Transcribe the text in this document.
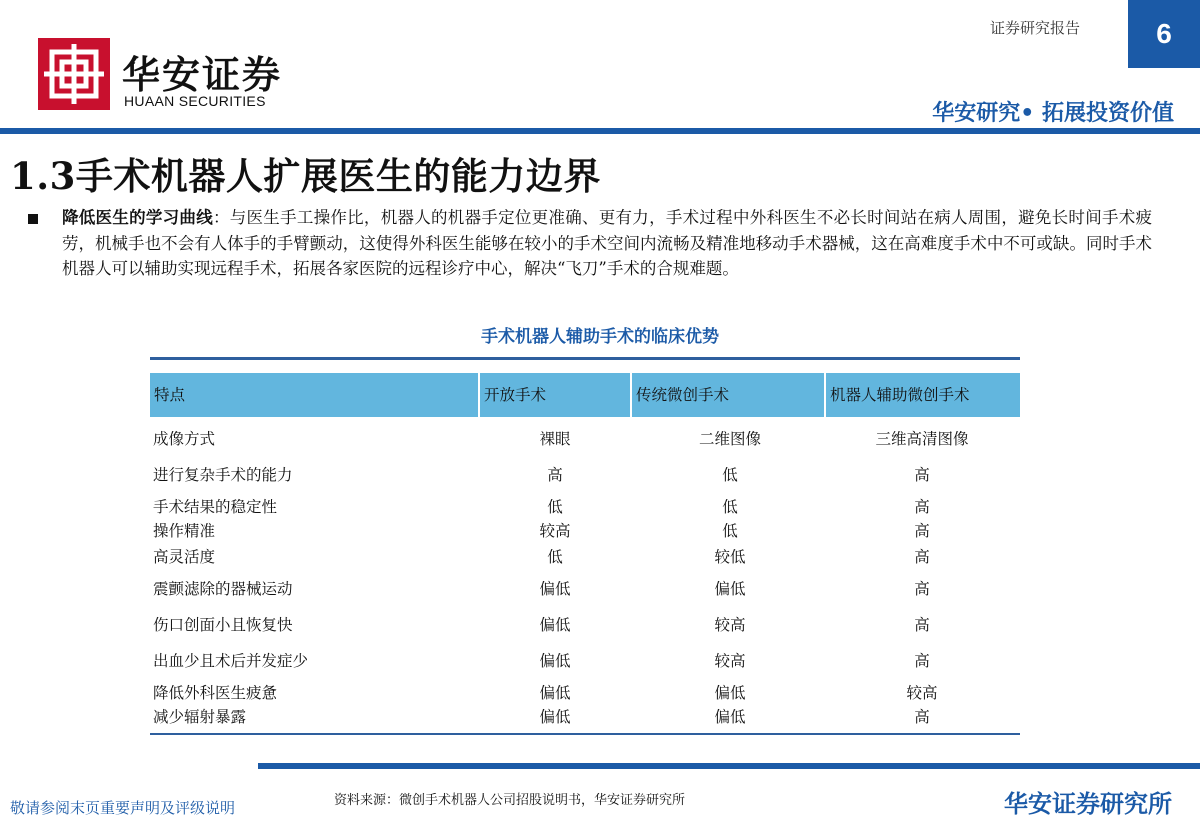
华安证券
HUAAN SECURITIES
证券研究报告	6
华安研究• 拓展投资价值
1.3手术机器人扩展医生的能力边界
降低医生的学习曲线：与医生手工操作比，机器人的机器手定位更准确、更有力，手术过程中外科医生不必长时间站在病人周围，避免长时间手术疲劳，机械手也不会有人体手的手臂颤动，这使得外科医生能够在较小的手术空间内流畅及精准地移动手术器械，这在高难度手术中不可或缺。同时手术机器人可以辅助实现远程手术，拓展各家医院的远程诊疗中心，解决“飞刀”手术的合规难题。
手术机器人辅助手术的临床优势
特点	开放手术	传统微创手术	机器人辅助微创手术
成像方式	裸眼	二维图像	三维高清图像
进行复杂手术的能力	高	低	高
手术结果的稳定性	低	低	高
操作精准	较高	低	高
高灵活度	低	较低	高
震颤滤除的器械运动	偏低	偏低	高
伤口创面小且恢复快	偏低	较高	高
出血少且术后并发症少	偏低	较高	高
降低外科医生疲惫	偏低	偏低	较高
减少辐射暴露	偏低	偏低	高
敬请参阅末页重要声明及评级说明	资料来源：微创手术机器人公司招股说明书，华安证券研究所	华安证券研究所
